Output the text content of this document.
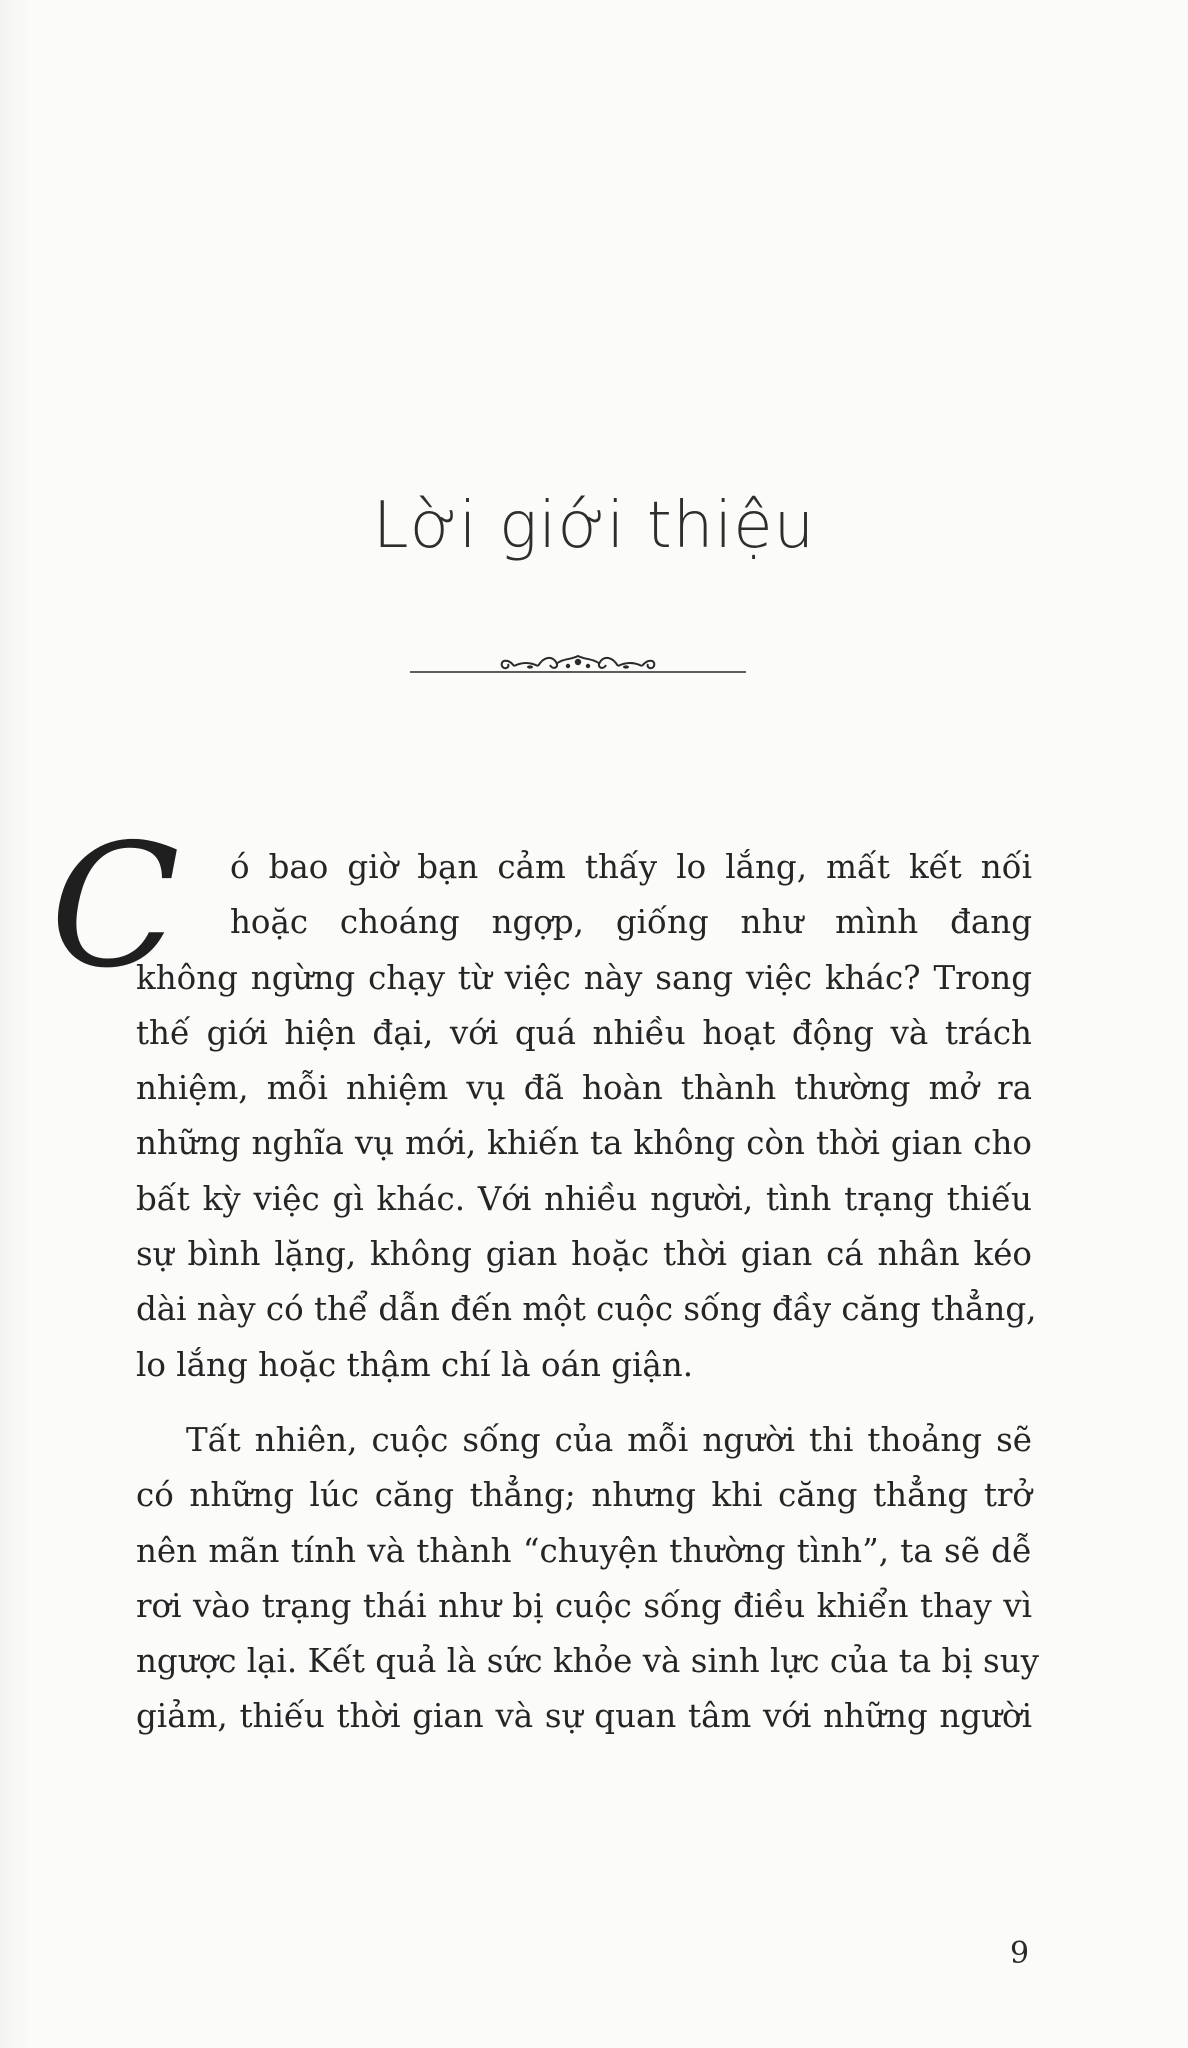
Lời giới thiệu
C	ó bao giờ bạn cảm thấy lo lắng, mất kết nối
hoặc choáng ngợp, giống như mình đang
không ngừng chạy từ việc này sang việc khác? Trong
thế giới hiện đại, với quá nhiều hoạt động và trách
nhiệm, mỗi nhiệm vụ đã hoàn thành thường mở ra
những nghĩa vụ mới, khiến ta không còn thời gian cho
bất kỳ việc gì khác. Với nhiều người, tình trạng thiếu
sự bình lặng, không gian hoặc thời gian cá nhân kéo
dài này có thể dẫn đến một cuộc sống đầy căng thẳng,
lo lắng hoặc thậm chí là oán giận.

Tất nhiên, cuộc sống của mỗi người thi thoảng sẽ
có những lúc căng thẳng; nhưng khi căng thẳng trở
nên mãn tính và thành “chuyện thường tình”, ta sẽ dễ
rơi vào trạng thái như bị cuộc sống điều khiển thay vì
ngược lại. Kết quả là sức khỏe và sinh lực của ta bị suy
giảm, thiếu thời gian và sự quan tâm với những người

9
